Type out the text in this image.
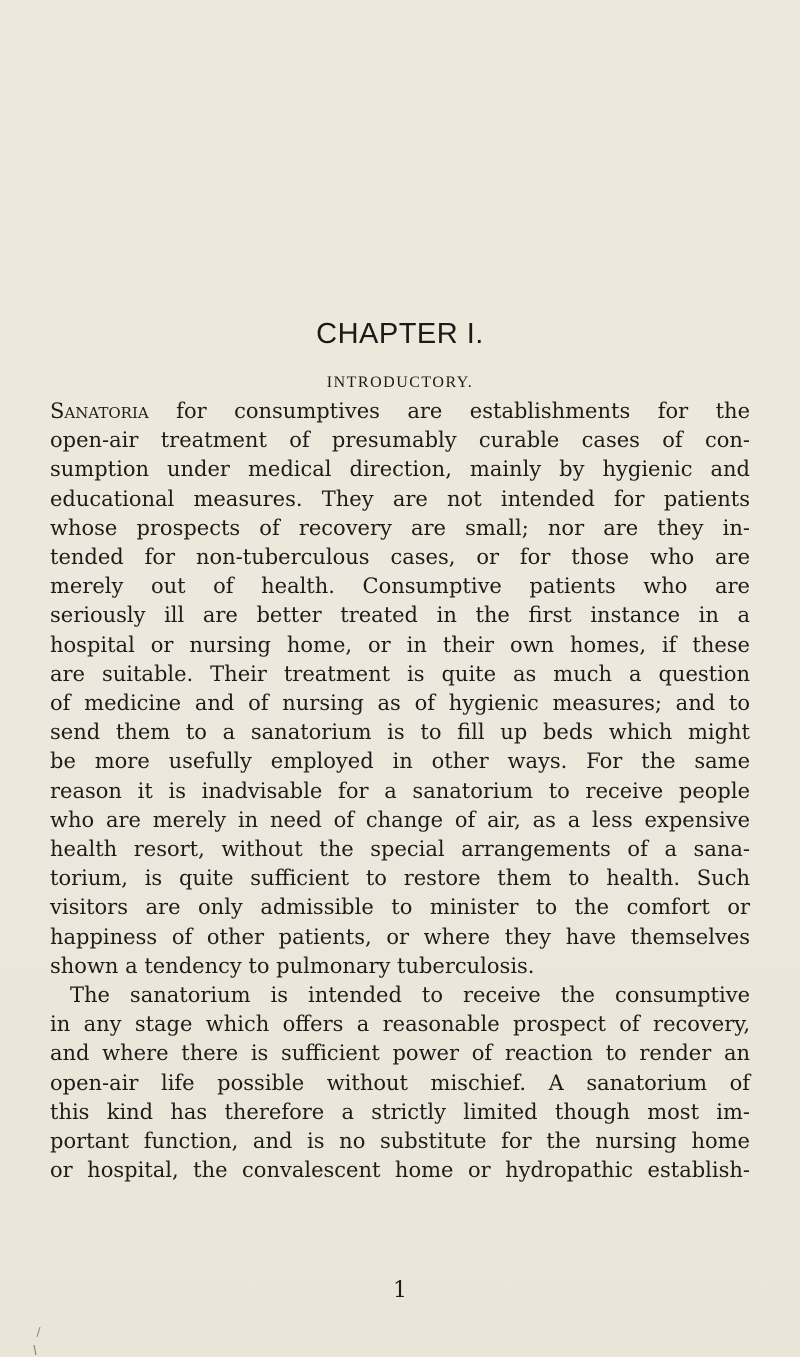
CHAPTER I.
INTRODUCTORY.

Sanatoria for consumptives are establishments for the
open-air treatment of presumably curable cases of con-
sumption under medical direction, mainly by hygienic and
educational measures. They are not intended for patients
whose prospects of recovery are small; nor are they in-
tended for non-tuberculous cases, or for those who are
merely out of health. Consumptive patients who are
seriously ill are better treated in the first instance in a
hospital or nursing home, or in their own homes, if these
are suitable. Their treatment is quite as much a question
of medicine and of nursing as of hygienic measures; and to
send them to a sanatorium is to fill up beds which might
be more usefully employed in other ways. For the same
reason it is inadvisable for a sanatorium to receive people
who are merely in need of change of air, as a less expensive
health resort, without the special arrangements of a sana-
torium, is quite sufficient to restore them to health. Such
visitors are only admissible to minister to the comfort or
happiness of other patients, or where they have themselves
shown a tendency to pulmonary tuberculosis.

The sanatorium is intended to receive the consumptive
in any stage which offers a reasonable prospect of recovery,
and where there is sufficient power of reaction to render an
open-air life possible without mischief. A sanatorium of
this kind has therefore a strictly limited though most im-
portant function, and is no substitute for the nursing home
or hospital, the convalescent home or hydropathic establish-

1
